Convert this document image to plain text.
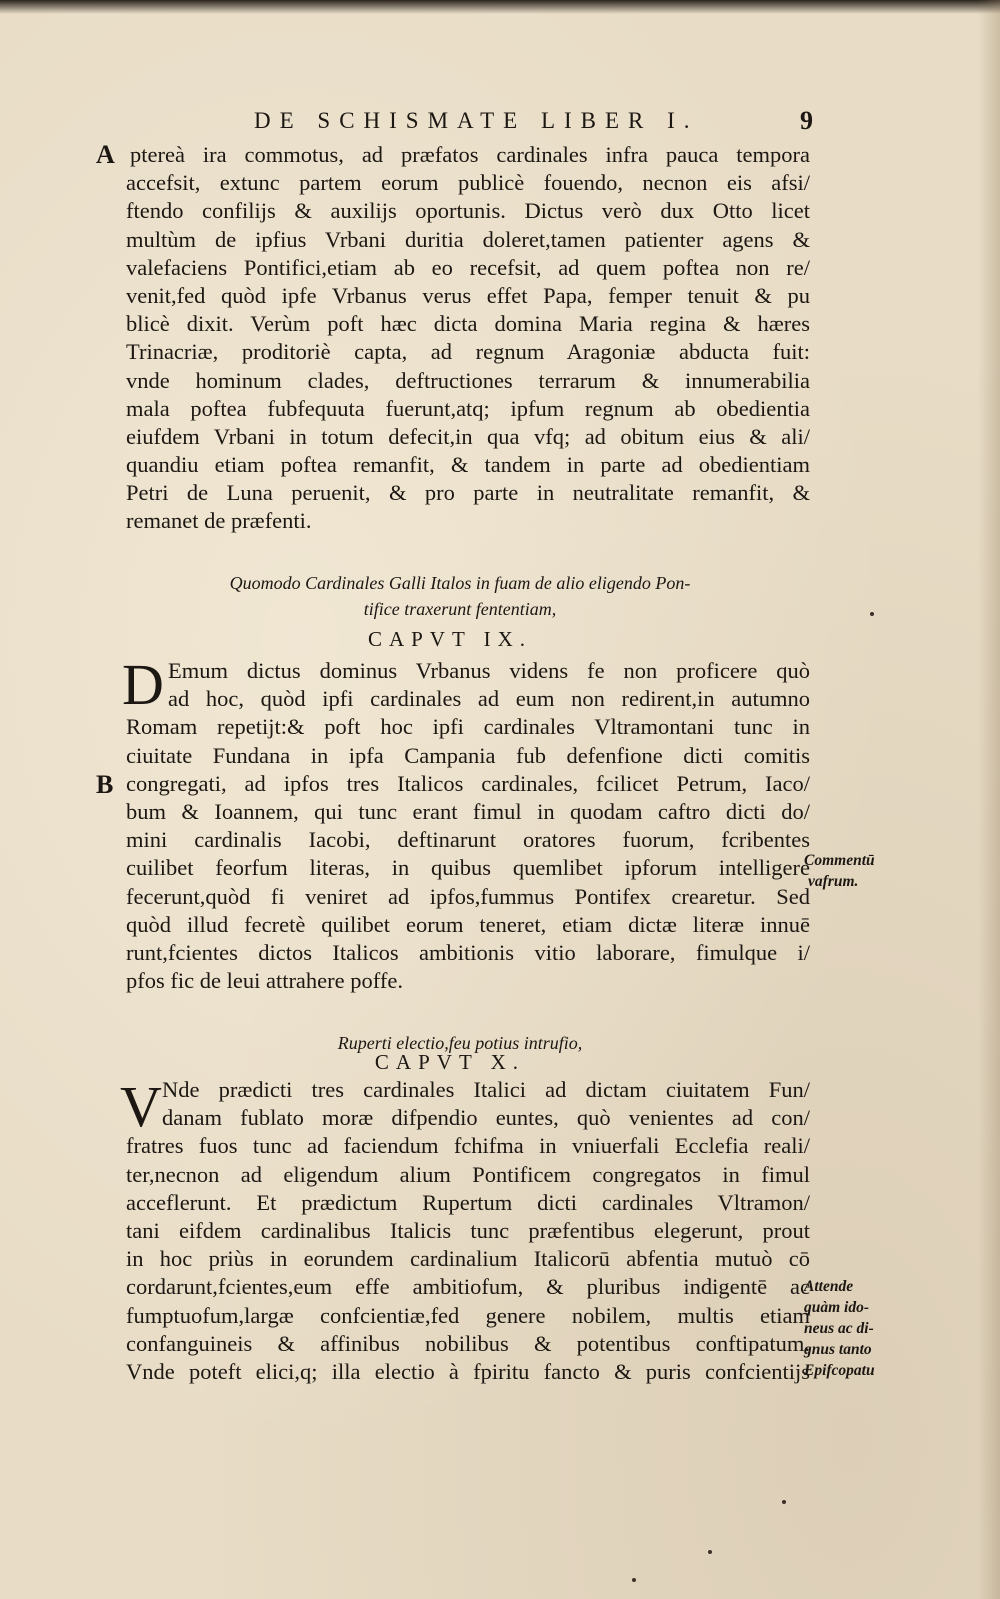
DE SCHISMATE LIBER I.	9
A ptereà ira commotus, ad præfatos cardinales infra pauca tempora
accefsit, extunc partem eorum publicè fouendo, necnon eis afsi/
ftendo confilijs & auxilijs oportunis. Dictus verò dux Otto licet
multùm de ipfius Vrbani duritia doleret,tamen patienter agens &
valefaciens Pontifici,etiam ab eo recefsit, ad quem poftea non re/
venit,fed quòd ipfe Vrbanus verus effet Papa, femper tenuit & pu
blicè dixit. Verùm poft hæc dicta domina Maria regina & hæres
Trinacriæ, proditoriè capta, ad regnum Aragoniæ abducta fuit:
vnde hominum clades, deftructiones terrarum & innumerabilia
mala poftea fubfequuta fuerunt,atq; ipfum regnum ab obedientia
eiufdem Vrbani in totum defecit,in qua vfq; ad obitum eius & ali/
quandiu etiam poftea remanfit, & tandem in parte ad obedientiam
Petri de Luna peruenit, & pro parte in neutralitate remanfit, &
remanet de præfenti.
Quomodo Cardinales Galli Italos in fuam de alio eligendo Pon-
tifice traxerunt fententiam,
CAPVT IX.
D
B
Emum dictus dominus Vrbanus videns fe non proficere quò
ad hoc, quòd ipfi cardinales ad eum non redirent,in autumno
Romam repetijt:& poft hoc ipfi cardinales Vltramontani tunc in
ciuitate Fundana in ipfa Campania fub defenfione dicti comitis
congregati, ad ipfos tres Italicos cardinales, fcilicet Petrum, Iaco/
bum & Ioannem, qui tunc erant fimul in quodam caftro dicti do/
mini cardinalis Iacobi, deftinarunt oratores fuorum, fcribentes
cuilibet feorfum literas, in quibus quemlibet ipforum intelligere
fecerunt,quòd fi veniret ad ipfos,fummus Pontifex crearetur. Sed
quòd illud fecretè quilibet eorum teneret, etiam dictæ literæ innuē
runt,fcientes dictos Italicos ambitionis vitio laborare, fimulque i/
pfos fic de leui attrahere poffe.
Commentū
vafrum.
Ruperti electio,feu potius intrufio,
CAPVT X.
V Nde prædicti tres cardinales Italici ad dictam ciuitatem Fun/
danam fublato moræ difpendio euntes, quò venientes ad con/
fratres fuos tunc ad faciendum fchifma in vniuerfali Ecclefia reali/
ter,necnon ad eligendum alium Pontificem congregatos in fimul
acceflerunt. Et prædictum Rupertum dicti cardinales Vltramon/
tani eifdem cardinalibus Italicis tunc præfentibus elegerunt, prout
in hoc priùs in eorundem cardinalium Italicorū abfentia mutuò cō
cordarunt,fcientes,eum effe ambitiofum, & pluribus indigentē ac
fumptuofum,largæ confcientiæ,fed genere nobilem, multis etiam
confanguineis & affinibus nobilibus & potentibus conftipatum.
Vnde poteft elici,q; illa electio à fpiritu fancto & puris confcientijs
Attende
quàm ido-
neus ac di-
gnus tanto
Epifcopatu
